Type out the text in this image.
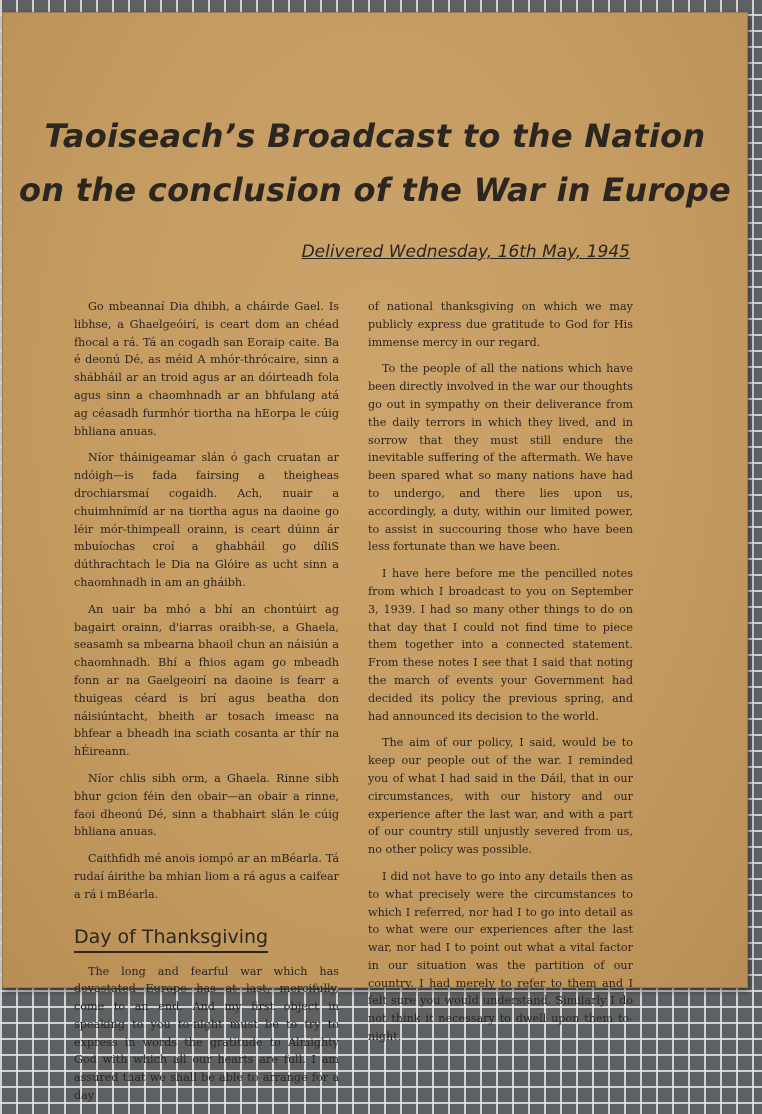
Taoiseach’s Broadcast to the Nation
on the conclusion of the War in Europe
Delivered Wednesday, 16th May, 1945

Go mbeannaí Dia dhibh, a cháirde Gael. Is libhse, a Ghaelgeóirí, is ceart dom an chéad fhocal a rá. Tá an cogadh san Eoraip caite. Ba é deonú Dé, as méid A mhór-thrócaire, sinn a shábháil ar an troid agus ar an dóirteadh fola agus sinn a chaomhnadh ar an bhfulang atá ag céasadh furmhór tiortha na hEorpa le cúig bhliana anuas.

Níor tháinigeamar slán ó gach cruatan ar ndóigh—is fada fairsing a theigheas drochiarsmaí cogaidh. Ach, nuair a chuimhnímíd ar na tiortha agus na daoine go léir mór-thimpeall orainn, is ceart dúinn ár mbuíochas croí a ghabháil go díliS dúthrachtach le Dia na Glóire as ucht sinn a chaomhnadh in am an gháibh.

An uair ba mhó a bhí an chontúirt ag bagairt orainn, d'iarras oraibh-se, a Ghaela, seasamh sa mbearna bhaoil chun an náisiún a chaomhnadh. Bhí a fhios agam go mbeadh fonn ar na Gaelgeoirí na daoine is fearr a thuigeas céard is brí agus beatha don náisiúntacht, bheith ar tosach imeasc na bhfear a bheadh ina sciath cosanta ar thír na hÉireann.

Níor chlis sibh orm, a Ghaela. Rinne sibh bhur gcion féin den obair—an obair a rinne, faoi dheonú Dé, sinn a thabhairt slán le cúig bhliana anuas.

Caithfidh mé anois iompó ar an mBéarla. Tá rudaí áirithe ba mhian liom a rá agus a caifear a rá i mBéarla.

Day of Thanksgiving

The long and fearful war which has devastated Europe has at last, mercifully, come to an end. And my first object in speaking to you to-night must be to try to express in words the gratitude to Almighty God with which all our hearts are full. I am assured that we shall be able to arrange for a day

of national thanksgiving on which we may publicly express due gratitude to God for His immense mercy in our regard.

To the people of all the nations which have been directly involved in the war our thoughts go out in sympathy on their deliverance from the daily terrors in which they lived, and in sorrow that they must still endure the inevitable suffering of the aftermath. We have been spared what so many nations have had to undergo, and there lies upon us, accordingly, a duty, within our limited power, to assist in succouring those who have been less fortunate than we have been.

I have here before me the pencilled notes from which I broadcast to you on September 3, 1939. I had so many other things to do on that day that I could not find time to piece them together into a connected statement. From these notes I see that I said that noting the march of events your Government had decided its policy the previous spring, and had announced its decision to the world.

The aim of our policy, I said, would be to keep our people out of the war. I reminded you of what I had said in the Dáil, that in our circumstances, with our history and our experience after the last war, and with a part of our country still unjustly severed from us, no other policy was possible.

I did not have to go into any details then as to what precisely were the circumstances to which I referred, nor had I to go into detail as to what were our experiences after the last war, nor had I to point out what a vital factor in our situation was the partition of our country. I had merely to refer to them and I felt sure you would understand. Similarly I do not think it necessary to dwell upon them to-night.
